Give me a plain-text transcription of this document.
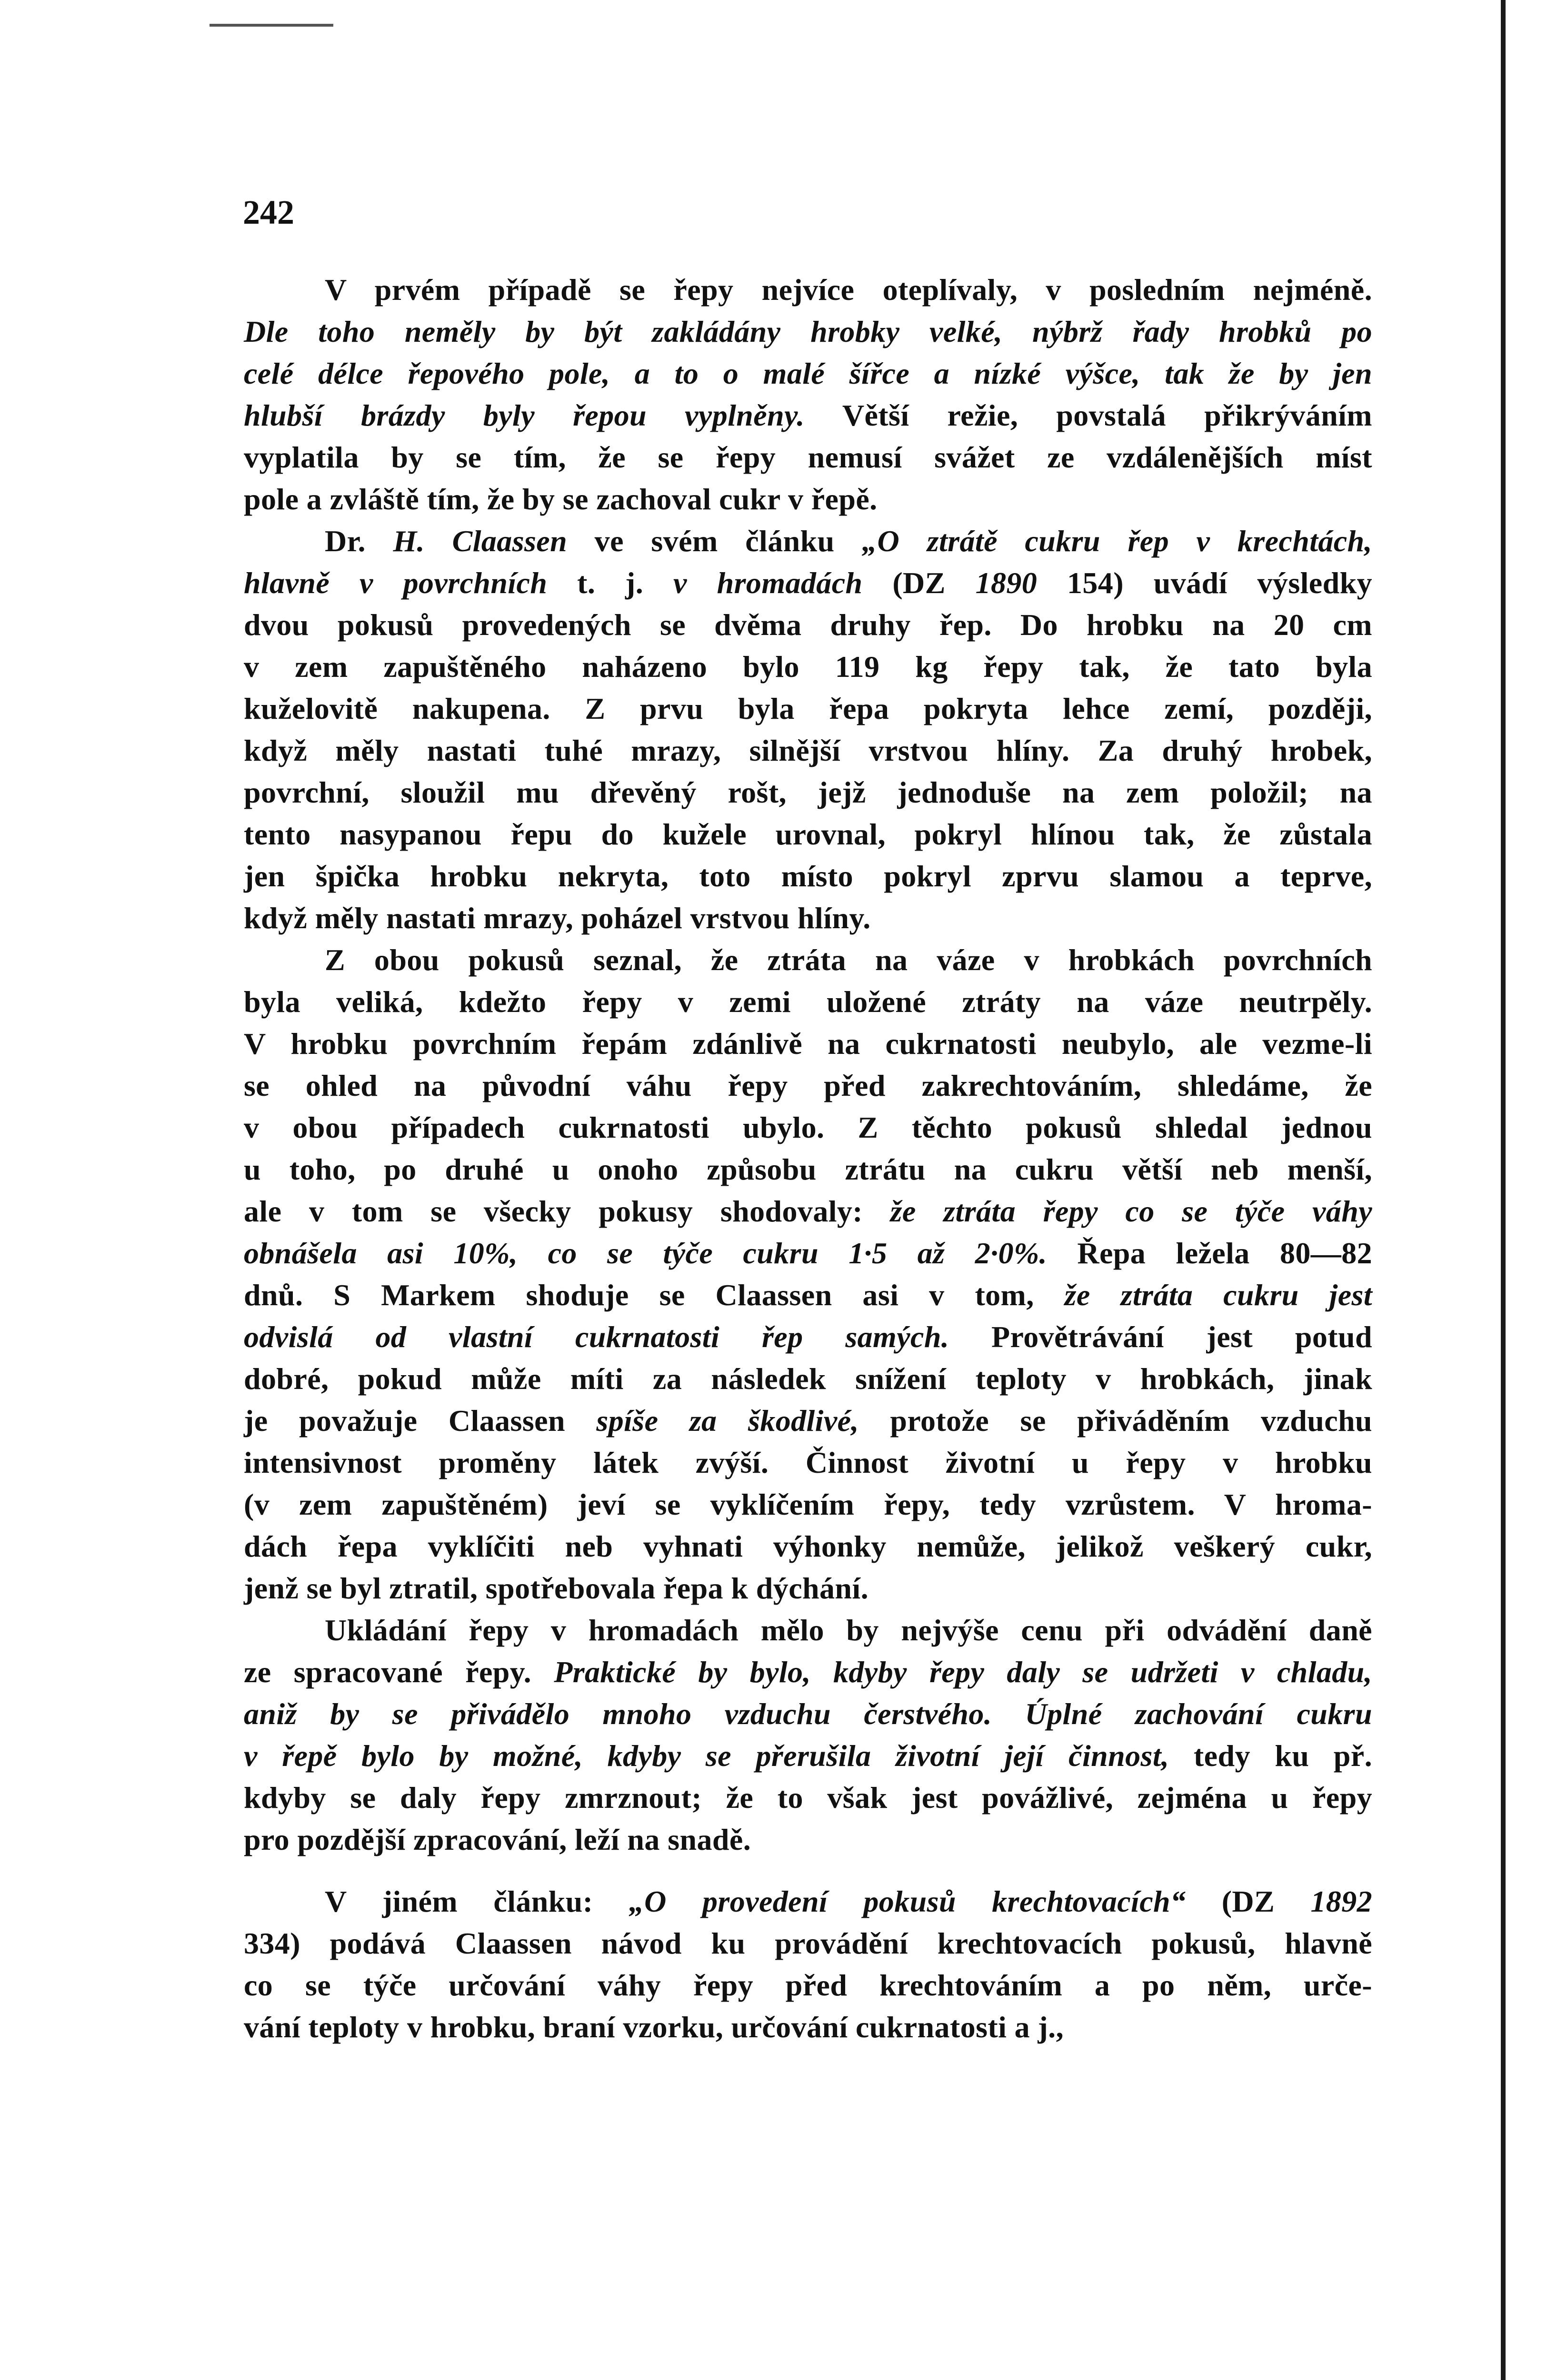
242
V prvém případě se řepy nejvíce oteplívaly, v posledním nejméně.
Dle toho neměly by být zakládány hrobky velké, nýbrž řady hrobků po
celé délce řepového pole, a to o malé šířce a nízké výšce, tak že by jen
hlubší brázdy byly řepou vyplněny. Větší režie, povstalá přikrýváním
vyplatila by se tím, že se řepy nemusí svážet ze vzdálenějších míst
pole a zvláště tím, že by se zachoval cukr v řepě.
Dr. H. Claassen ve svém článku „O ztrátě cukru řep v krechtách,
hlavně v povrchních t. j. v hromadách (DZ 1890 154) uvádí výsledky
dvou pokusů provedených se dvěma druhy řep. Do hrobku na 20 cm
v zem zapuštěného naházeno bylo 119 kg řepy tak, že tato byla
kuželovitě nakupena. Z prvu byla řepa pokryta lehce zemí, později,
když měly nastati tuhé mrazy, silnější vrstvou hlíny. Za druhý hrobek,
povrchní, sloužil mu dřevěný rošt, jejž jednoduše na zem položil; na
tento nasypanou řepu do kužele urovnal, pokryl hlínou tak, že zůstala
jen špička hrobku nekryta, toto místo pokryl zprvu slamou a teprve,
když měly nastati mrazy, poházel vrstvou hlíny.
Z obou pokusů seznal, že ztráta na váze v hrobkách povrchních
byla veliká, kdežto řepy v zemi uložené ztráty na váze neutrpěly.
V hrobku povrchním řepám zdánlivě na cukrnatosti neubylo, ale vezme-li
se ohled na původní váhu řepy před zakrechtováním, shledáme, že
v obou případech cukrnatosti ubylo. Z těchto pokusů shledal jednou
u toho, po druhé u onoho způsobu ztrátu na cukru větší neb menší,
ale v tom se všecky pokusy shodovaly: že ztráta řepy co se týče váhy
obnášela asi 10%, co se týče cukru 1·5 až 2·0%. Řepa ležela 80—82
dnů. S Markem shoduje se Claassen asi v tom, že ztráta cukru jest
odvislá od vlastní cukrnatosti řep samých. Provětrávání jest potud
dobré, pokud může míti za následek snížení teploty v hrobkách, jinak
je považuje Claassen spíše za škodlivé, protože se přiváděním vzduchu
intensivnost proměny látek zvýší. Činnost životní u řepy v hrobku
(v zem zapuštěném) jeví se vyklíčením řepy, tedy vzrůstem. V hroma-
dách řepa vyklíčiti neb vyhnati výhonky nemůže, jelikož veškerý cukr,
jenž se byl ztratil, spotřebovala řepa k dýchání.
Ukládání řepy v hromadách mělo by nejvýše cenu při odvádění daně
ze spracované řepy. Praktické by bylo, kdyby řepy daly se udržeti v chladu,
aniž by se přivádělo mnoho vzduchu čerstvého. Úplné zachování cukru
v řepě bylo by možné, kdyby se přerušila životní její činnost, tedy ku př.
kdyby se daly řepy zmrznout; že to však jest povážlivé, zejména u řepy
pro pozdější zpracování, leží na snadě.
V jiném článku: „O provedení pokusů krechtovacích“ (DZ 1892
334) podává Claassen návod ku provádění krechtovacích pokusů, hlavně
co se týče určování váhy řepy před krechtováním a po něm, urče-
vání teploty v hrobku, braní vzorku, určování cukrnatosti a j.,
